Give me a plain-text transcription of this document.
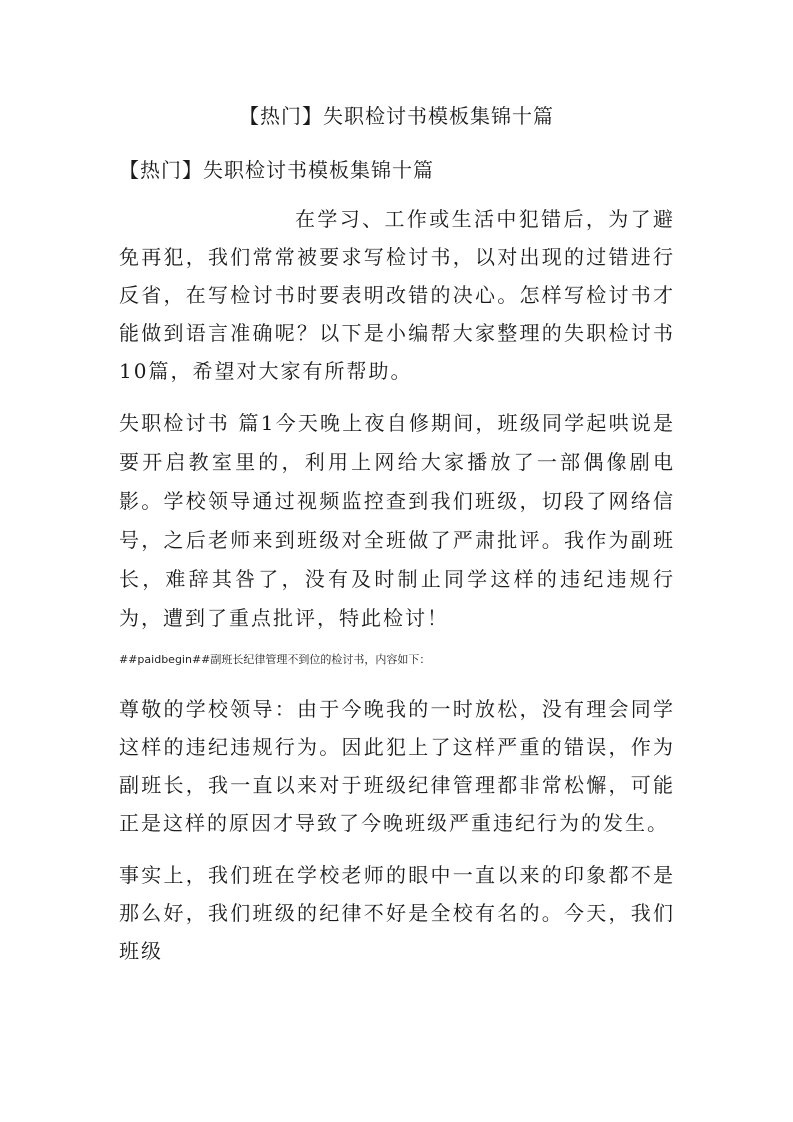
【热门】失职检讨书模板集锦十篇
【热门】失职检讨书模板集锦十篇

在学习、工作或生活中犯错后，为了避免再犯，我们常常被要求写检讨书，以对出现的过错进行反省，在写检讨书时要表明改错的决心。怎样写检讨书才能做到语言准确呢？以下是小编帮大家整理的失职检讨书10篇，希望对大家有所帮助。

失职检讨书 篇1今天晚上夜自修期间，班级同学起哄说是要开启教室里的，利用上网给大家播放了一部偶像剧电影。学校领导通过视频监控查到我们班级，切段了网络信号，之后老师来到班级对全班做了严肃批评。我作为副班长，难辞其咎了，没有及时制止同学这样的违纪违规行为，遭到了重点批评，特此检讨！

##paidbegin##副班长纪律管理不到位的检讨书，内容如下：

尊敬的学校领导：由于今晚我的一时放松，没有理会同学这样的违纪违规行为。因此犯上了这样严重的错误，作为副班长，我一直以来对于班级纪律管理都非常松懈，可能正是这样的原因才导致了今晚班级严重违纪行为的发生。

事实上，我们班在学校老师的眼中一直以来的印象都不是那么好，我们班级的纪律不好是全校有名的。今天，我们班级
